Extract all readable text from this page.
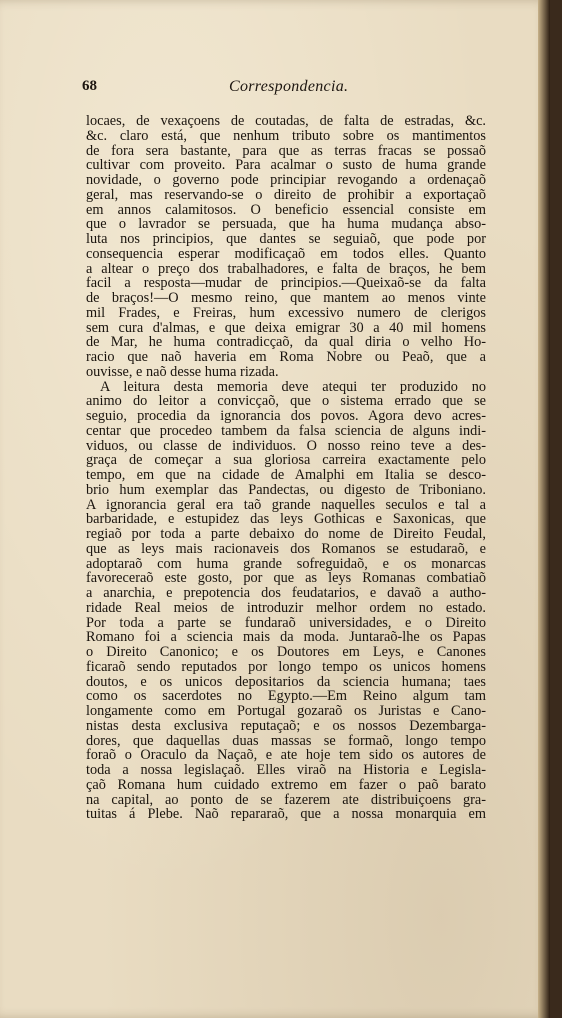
68	Correspondencia.
locaes, de vexaçoens de coutadas, de falta de estradas, &c.
&c. claro está, que nenhum tributo sobre os mantimentos
de fora sera bastante, para que as terras fracas se possaõ
cultivar com proveito. Para acalmar o susto de huma grande
novidade, o governo pode principiar revogando a ordenaçaõ
geral, mas reservando-se o direito de prohibir a exportaçaõ
em annos calamitosos. O beneficio essencial consiste em
que o lavrador se persuada, que ha huma mudança abso-
luta nos principios, que dantes se seguiaõ, que pode por
consequencia esperar modificaçaõ em todos elles. Quanto
a altear o preço dos trabalhadores, e falta de braços, he bem
facil a resposta—mudar de principios.—Queixaõ-se da falta
de braços!—O mesmo reino, que mantem ao menos vinte
mil Frades, e Freiras, hum excessivo numero de clerigos
sem cura d'almas, e que deixa emigrar 30 a 40 mil homens
de Mar, he huma contradicçaõ, da qual diria o velho Ho-
racio que naõ haveria em Roma Nobre ou Peaõ, que a
ouvisse, e naõ desse huma rizada.
A leitura desta memoria deve atequi ter produzido no
animo do leitor a convicçaõ, que o sistema errado que se
seguio, procedia da ignorancia dos povos. Agora devo acres-
centar que procedeo tambem da falsa sciencia de alguns indi-
viduos, ou classe de individuos. O nosso reino teve a des-
graça de começar a sua gloriosa carreira exactamente pelo
tempo, em que na cidade de Amalphi em Italia se desco-
brio hum exemplar das Pandectas, ou digesto de Triboniano.
A ignorancia geral era taõ grande naquelles seculos e tal a
barbaridade, e estupidez das leys Gothicas e Saxonicas, que
regiaõ por toda a parte debaixo do nome de Direito Feudal,
que as leys mais racionaveis dos Romanos se estudaraõ, e
adoptaraõ com huma grande sofreguidaõ, e os monarcas
favoreceraõ este gosto, por que as leys Romanas combatiaõ
a anarchia, e prepotencia dos feudatarios, e davaõ a autho-
ridade Real meios de introduzir melhor ordem no estado.
Por toda a parte se fundaraõ universidades, e o Direito
Romano foi a sciencia mais da moda. Juntaraõ-lhe os Papas
o Direito Canonico; e os Doutores em Leys, e Canones
ficaraõ sendo reputados por longo tempo os unicos homens
doutos, e os unicos depositarios da sciencia humana; taes
como os sacerdotes no Egypto.—Em Reino algum tam
longamente como em Portugal gozaraõ os Juristas e Cano-
nistas desta exclusiva reputaçaõ; e os nossos Dezembarga-
dores, que daquellas duas massas se formaõ, longo tempo
foraõ o Oraculo da Naçaõ, e ate hoje tem sido os autores de
toda a nossa legislaçaõ. Elles viraõ na Historia e Legisla-
çaõ Romana hum cuidado extremo em fazer o paõ barato
na capital, ao ponto de se fazerem ate distribuiçoens gra-
tuitas á Plebe. Naõ repararaõ, que a nossa monarquia em
